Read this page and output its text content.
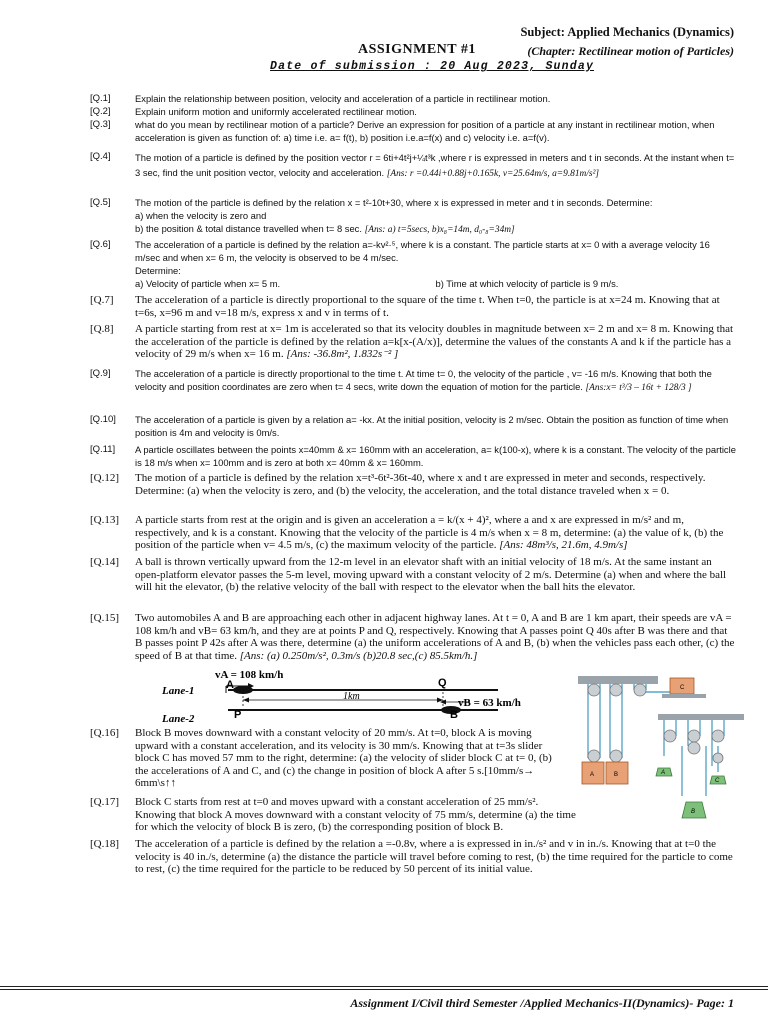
Subject: Applied Mechanics (Dynamics)
ASSIGNMENT #1	(Chapter: Rectilinear motion of Particles)
Date of submission : 20 Aug 2023, Sunday
[Q.1]	Explain the relationship between position, velocity and acceleration of a particle in rectilinear motion.
[Q.2]	Explain uniform motion and uniformly accelerated rectilinear motion.
[Q.3]	what do you mean by rectilinear motion of a particle? Derive an expression for position of a particle at any instant in rectilinear motion, when acceleration is given as function of: a) time i.e. a= f(t), b) position i.e.a=f(x) and c) velocity i.e. a=f(v).
[Q.4]	The motion of a particle is defined by the position vector r = 6ti+4t²j+¼t³k ,where r is expressed in meters and t in seconds. At the instant when t= 3 sec, find the unit position vector, velocity and acceleration. [Ans: r =0.44i+0.88j+0.165k, v=25.64m/s, a=9.81m/s²]
[Q.5]	The motion of the particle is defined by the relation x = t²-10t+30, where x is expressed in meter and t in seconds. Determine:
a) when the velocity is zero and
b) the position & total distance travelled when t= 8 sec. [Ans: a) t=5secs, b)x₈=14m, d₀-₈=34m]
[Q.6]	The acceleration of a particle is defined by the relation a=-kv²·⁵, where k is a constant. The particle starts at x= 0 with a average velocity 16 m/sec and when x= 6 m, the velocity is observed to be 4 m/sec.
Determine:
a) Velocity of particle when x= 5 m.	b) Time at which velocity of particle is 9 m/s.
[Q.7]	The acceleration of a particle is directly proportional to the square of the time t. When t=0, the particle is at x=24 m. Knowing that at t=6s, x=96 m and v=18 m/s, express x and v in terms of t.
[Q.8]	A particle starting from rest at x= 1m is accelerated so that its velocity doubles in magnitude between x= 2 m and x= 8 m. Knowing that the acceleration of the particle is defined by the relation a=k[x-(A/x)], determine the values of the constants A and k if the particle has a velocity of 29 m/s when x= 16 m. [Ans: -36.8m², 1.832s⁻² ]
[Q.9]	The acceleration of a particle is directly proportional to the time t. At time t= 0, the velocity of the particle , v= -16 m/s. Knowing that both the velocity and position coordinates are zero when t= 4 secs, write down the equation of motion for the particle. [Ans:x= t³/3 – 16t + 128/3 ]
[Q.10]	The acceleration of a particle is given by a relation a= -kx. At the initial position, velocity is 2 m/sec. Obtain the position as function of time when position is 4m and velocity is 0m/s.
[Q.11]	A particle oscillates between the points x=40mm & x= 160mm with an acceleration, a= k(100-x), where k is a constant. The velocity of the particle is 18 m/s when x= 100mm and is zero at both x= 40mm & x= 160mm.
[Q.12]	The motion of a particle is defined by the relation x=t³-6t²-36t-40, where x and t are expressed in meter and seconds, respectively. Determine: (a) when the velocity is zero, and (b) the velocity, the acceleration, and the total distance traveled when x = 0.
[Q.13]	A particle starts from rest at the origin and is given an acceleration a = k/(x + 4)², where a and x are expressed in m/s² and m, respectively, and k is a constant. Knowing that the velocity of the particle is 4 m/s when x = 8 m, determine: (a) the value of k, (b) the position of the particle when v= 4.5 m/s, (c) the maximum velocity of the particle. [Ans: 48m³/s, 21.6m, 4.9m/s]
[Q.14]	A ball is thrown vertically upward from the 12-m level in an elevator shaft with an initial velocity of 18 m/s. At the same instant an open-platform elevator passes the 5-m level, moving upward with a constant velocity of 2 m/s. Determine (a) when and where the ball will hit the elevator, (b) the relative velocity of the ball with respect to the elevator when the ball hits the elevator.
[Q.15]	Two automobiles A and B are approaching each other in adjacent highway lanes. At t = 0, A and B are 1 km apart, their speeds are vA = 108 km/h and vB= 63 km/h, and they are at points P and Q, respectively. Knowing that A passes point Q 40s after B was there and that B passes point P 42s after A was there, determine (a) the uniform accelerations of A and B, (b) when the vehicles pass each other, (c) the speed of B at that time. [Ans: (a) 0.250m/s², 0.3m/s (b)20.8 sec,(c) 85.5km/h.]
vA = 108 km/h
Lane-1
Lane-2
A
B
Q
P
1km
vB = 63 km/h
C
A	B	A
C
B
[Q.16]	Block B moves downward with a constant velocity of 20 mm/s. At t=0, block A is moving upward with a constant acceleration, and its velocity is 30 mm/s. Knowing that at t=3s slider block C has moved 57 mm to the right, determine: (a) the velocity of slider block C at t= 0, (b) the accelerations of A and C, and (c) the change in position of block A after 5 s.[10mm/s→ 6mm\s↑↑
[Q.17]	Block C starts from rest at t=0 and moves upward with a constant acceleration of 25 mm/s². Knowing that block A moves downward with a constant velocity of 75 mm/s, determine (a) the time for which the velocity of block B is zero, (b) the corresponding position of block B.
[Q.18]	The acceleration of a particle is defined by the relation a =-0.8v, where a is expressed in in./s² and v in in./s. Knowing that at t=0 the velocity is 40 in./s, determine (a) the distance the particle will travel before coming to rest, (b) the time required for the particle to come to rest, (c) the time required for the particle to be reduced by 50 percent of its initial value.
Assignment I/Civil third Semester /Applied Mechanics-II(Dynamics)- Page: 1
